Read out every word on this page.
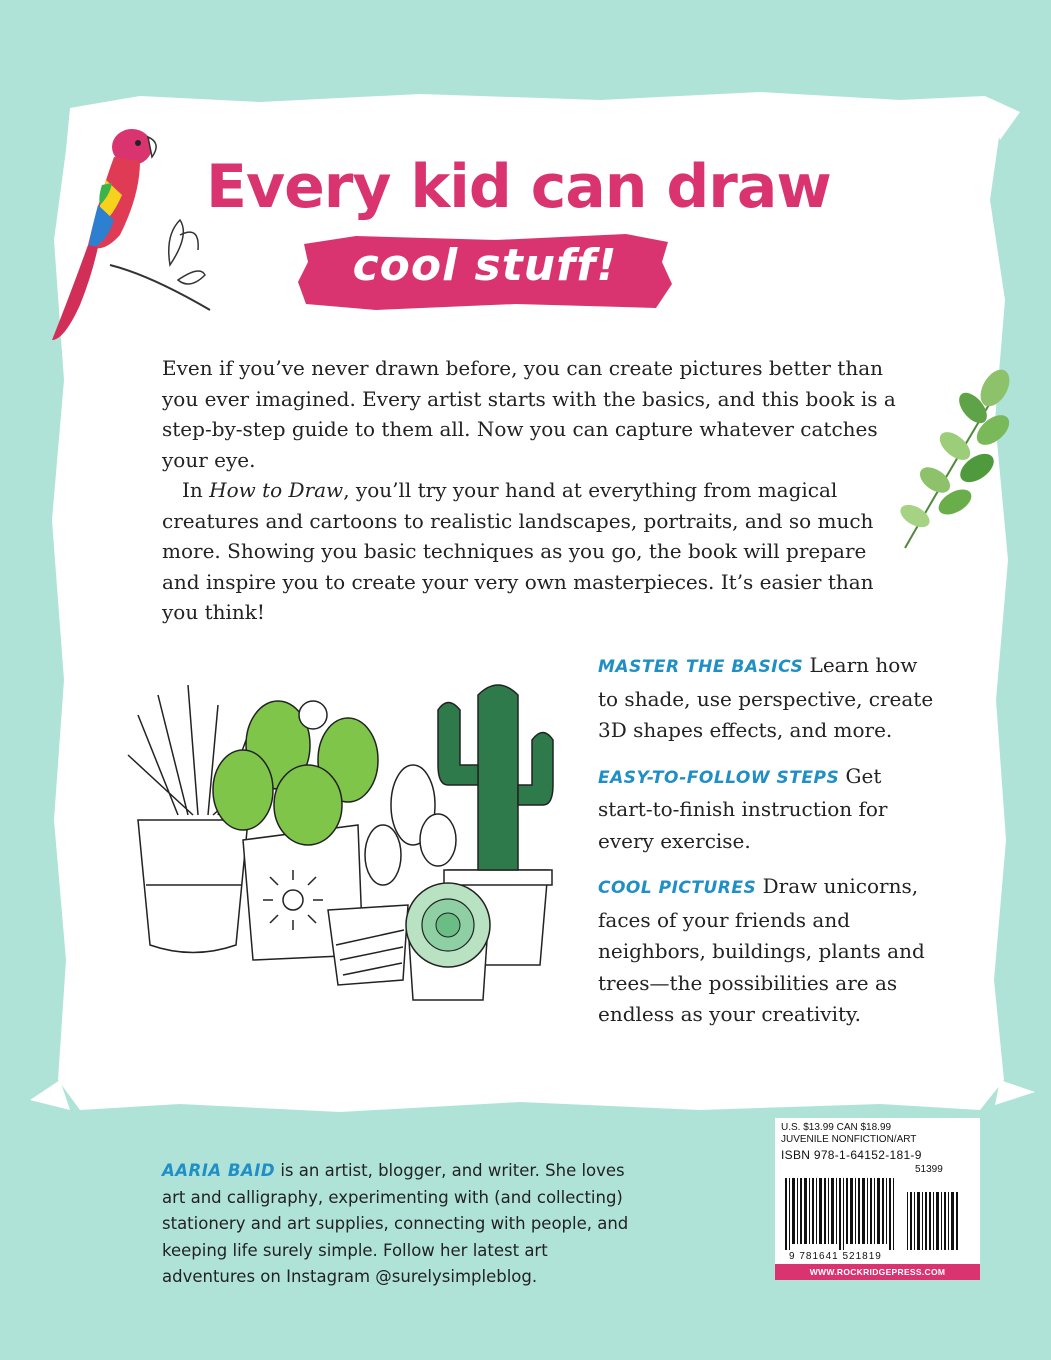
Every kid can draw
cool stuff!

Even if you’ve never drawn before, you can create pictures better than you ever imagined. Every artist starts with the basics, and this book is a step-by-step guide to them all. Now you can capture whatever catches your eye.

In How to Draw, you’ll try your hand at everything from magical creatures and cartoons to realistic landscapes, portraits, and so much more. Showing you basic techniques as you go, the book will prepare and inspire you to create your very own masterpieces. It’s easier than you think!

MASTER THE BASICS Learn how to shade, use perspective, create 3D shapes effects, and more.
EASY-TO-FOLLOW STEPS Get start-to-finish instruction for every exercise.
COOL PICTURES Draw unicorns, faces of your friends and neighbors, buildings, plants and trees—the possibilities are as endless as your creativity.
AARIA BAID is an artist, blogger, and writer. She loves art and calligraphy, experimenting with (and collecting) stationery and art supplies, connecting with people, and keeping life surely simple. Follow her latest art adventures on Instagram @surelysimpleblog.
U.S. $13.99 CAN $18.99
JUVENILE NONFICTION/ART
ISBN 978-1-64152-181-9
51399
9 781641 521819
WWW.ROCKRIDGEPRESS.COM
